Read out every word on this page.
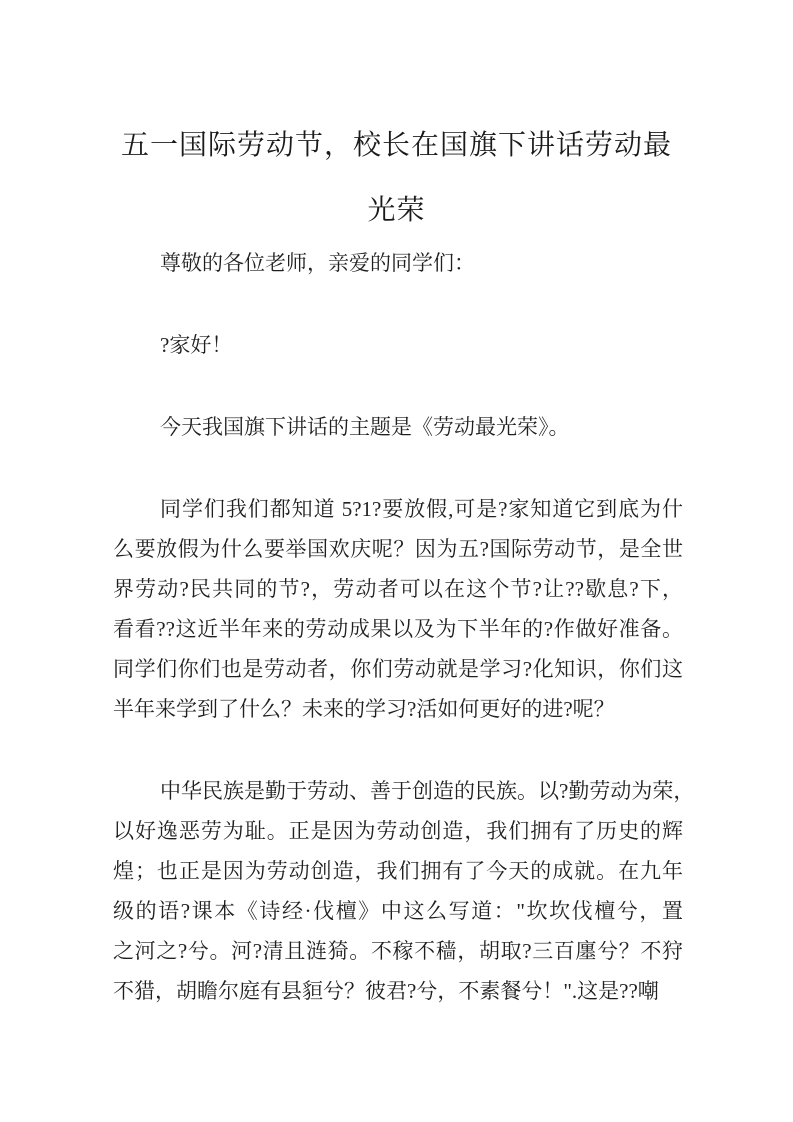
五一国际劳动节，校长在国旗下讲话劳动最
光荣
尊敬的各位老师，亲爱的同学们：
?家好！
今天我国旗下讲话的主题是《劳动最光荣》。
同学们我们都知道 5?1?要放假,可是?家知道它到底为什
么要放假为什么要举国欢庆呢？因为五?国际劳动节，是全世
界劳动?民共同的节?，劳动者可以在这个节?让??歇息?下，
看看??这近半年来的劳动成果以及为下半年的?作做好准备。
同学们你们也是劳动者，你们劳动就是学习?化知识，你们这
半年来学到了什么？未来的学习?活如何更好的进?呢？
中华民族是勤于劳动、善于创造的民族。以?勤劳动为荣，
以好逸恶劳为耻。正是因为劳动创造，我们拥有了历史的辉
煌；也正是因为劳动创造，我们拥有了今天的成就。在九年
级的语?课本《诗经·伐檀》中这么写道："坎坎伐檀兮，置
之河之?兮。河?清且涟猗。不稼不穑，胡取?三百廛兮？不狩
不猎，胡瞻尔庭有县貆兮？彼君?兮，不素餐兮！".这是??嘲
